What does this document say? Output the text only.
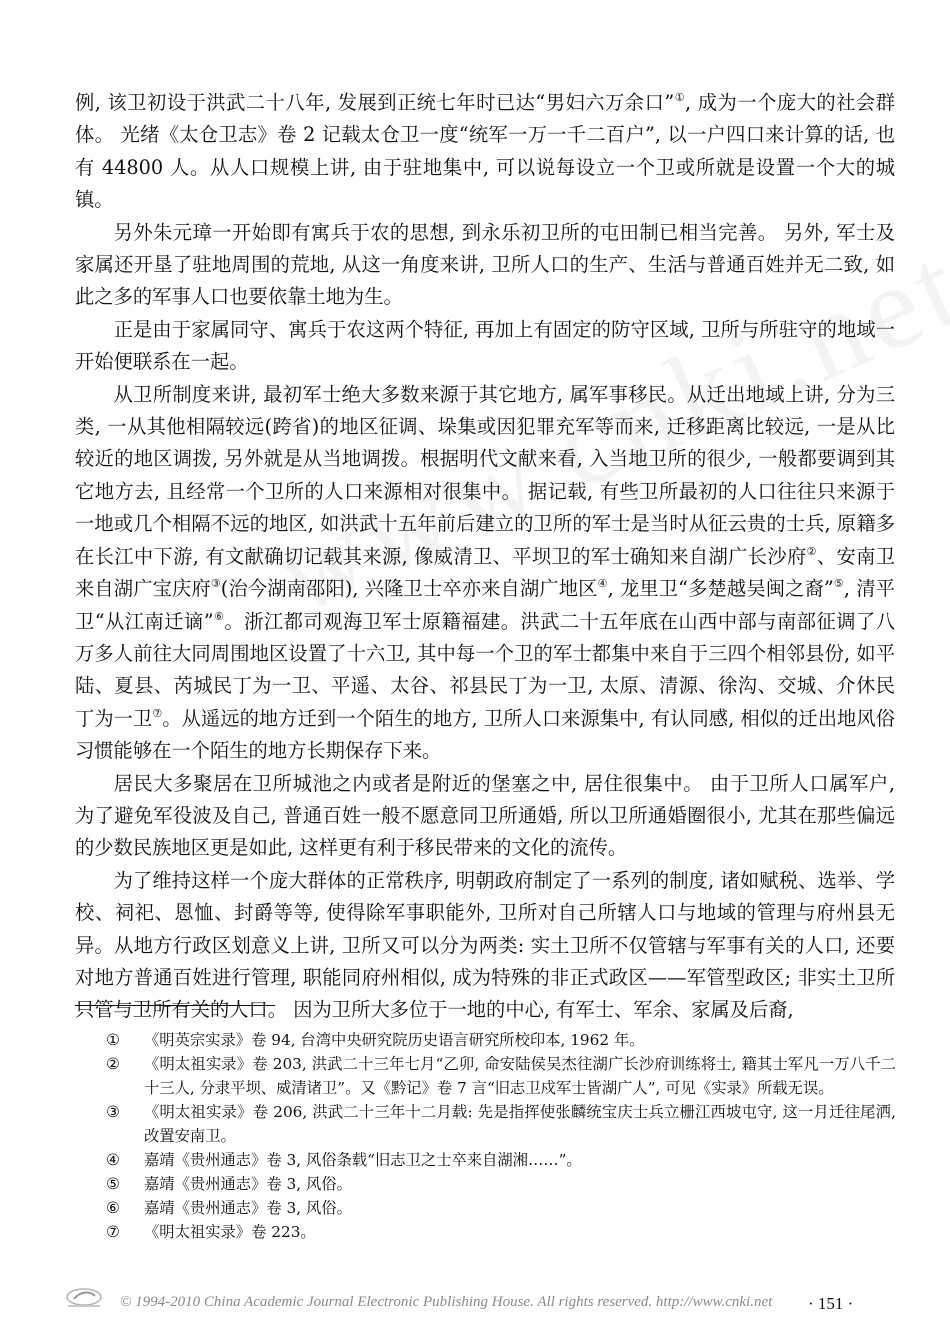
例, 该卫初设于洪武二十八年, 发展到正统七年时已达“男妇六万余口”①, 成为一个庞大的社会群体。 光绪《太仓卫志》卷 2 记载太仓卫一度“统军一万一千二百户”, 以一户四口来计算的话, 也有 44800 人。从人口规模上讲, 由于驻地集中, 可以说每设立一个卫或所就是设置一个大的城镇。

另外朱元璋一开始即有寓兵于农的思想, 到永乐初卫所的屯田制已相当完善。 另外, 军士及家属还开垦了驻地周围的荒地, 从这一角度来讲, 卫所人口的生产、生活与普通百姓并无二致, 如此之多的军事人口也要依靠土地为生。

正是由于家属同守、寓兵于农这两个特征, 再加上有固定的防守区域, 卫所与所驻守的地域一开始便联系在一起。

从卫所制度来讲, 最初军士绝大多数来源于其它地方, 属军事移民。从迁出地域上讲, 分为三类, 一从其他相隔较远(跨省)的地区征调、垛集或因犯罪充军等而来, 迁移距离比较远, 一是从比较近的地区调拨, 另外就是从当地调拨。根据明代文献来看, 入当地卫所的很少, 一般都要调到其它地方去, 且经常一个卫所的人口来源相对很集中。 据记载, 有些卫所最初的人口往往只来源于一地或几个相隔不远的地区, 如洪武十五年前后建立的卫所的军士是当时从征云贵的士兵, 原籍多在长江中下游, 有文献确切记载其来源, 像威清卫、平坝卫的军士确知来自湖广长沙府②、安南卫来自湖广宝庆府③(治今湖南邵阳), 兴隆卫士卒亦来自湖广地区④, 龙里卫“多楚越吴闽之裔”⑤, 清平卫“从江南迁谪”⑥。浙江都司观海卫军士原籍福建。洪武二十五年底在山西中部与南部征调了八万多人前往大同周围地区设置了十六卫, 其中每一个卫的军士都集中来自于三四个相邻县份, 如平陆、夏县、芮城民丁为一卫、平遥、太谷、祁县民丁为一卫, 太原、清源、徐沟、交城、介休民丁为一卫⑦。从遥远的地方迁到一个陌生的地方, 卫所人口来源集中, 有认同感, 相似的迁出地风俗习惯能够在一个陌生的地方长期保存下来。

居民大多聚居在卫所城池之内或者是附近的堡塞之中, 居住很集中。 由于卫所人口属军户, 为了避免军役波及自己, 普通百姓一般不愿意同卫所通婚, 所以卫所通婚圈很小, 尤其在那些偏远的少数民族地区更是如此, 这样更有利于移民带来的文化的流传。

为了维持这样一个庞大群体的正常秩序, 明朝政府制定了一系列的制度, 诸如赋税、选举、学校、祠祀、恩恤、封爵等等, 使得除军事职能外, 卫所对自己所辖人口与地域的管理与府州县无异。从地方行政区划意义上讲, 卫所又可以分为两类: 实土卫所不仅管辖与军事有关的人口, 还要对地方普通百姓进行管理, 职能同府州相似, 成为特殊的非正式政区——军管型政区; 非实土卫所只管与卫所有关的人口。 因为卫所大多位于一地的中心, 有军士、军余、家属及后裔,

① 《明英宗实录》卷 94, 台湾中央研究院历史语言研究所校印本, 1962 年。
② 《明太祖实录》卷 203, 洪武二十三年七月“乙卯, 命安陆侯吴杰往湖广长沙府训练将士, 籍其士军凡一万八千二十三人, 分隶平坝、威清诸卫”。又《黔记》卷 7 言“旧志卫戍军士皆湖广人”, 可见《实录》所载无误。
③ 《明太祖实录》卷 206, 洪武二十三年十二月载: 先是指挥使张麟统宝庆士兵立栅江西坡屯守, 这一月迁往尾洒, 改置安南卫。
④ 嘉靖《贵州通志》卷 3, 风俗条载“旧志卫之士卒来自湖湘……”。
⑤ 嘉靖《贵州通志》卷 3, 风俗。
⑥ 嘉靖《贵州通志》卷 3, 风俗。
⑦ 《明太祖实录》卷 223。
· 151 ·
© 1994-2010 China Academic Journal Electronic Publishing House. All rights reserved. http://www.cnki.net
